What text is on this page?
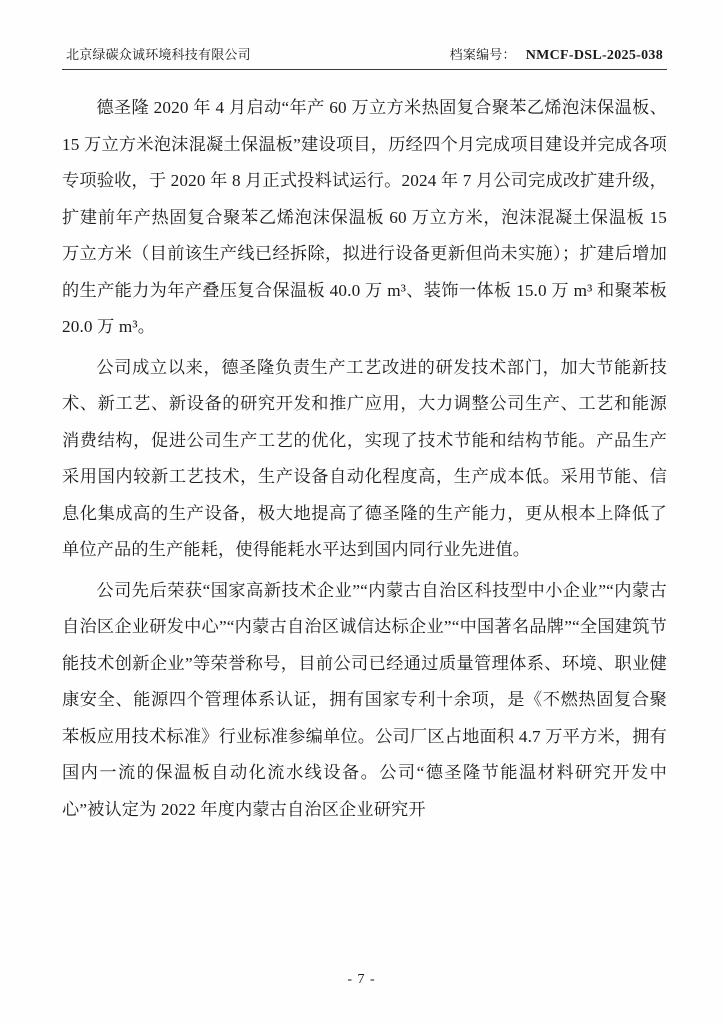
北京绿碳众诚环境科技有限公司	档案编号： NMCF-DSL-2025-038

德圣隆 2020 年 4 月启动“年产 60 万立方米热固复合聚苯乙烯泡沫保温板、15 万立方米泡沫混凝土保温板”建设项目，历经四个月完成项目建设并完成各项专项验收，于 2020 年 8 月正式投料试运行。2024 年 7 月公司完成改扩建升级，扩建前年产热固复合聚苯乙烯泡沫保温板 60 万立方米，泡沫混凝土保温板 15 万立方米（目前该生产线已经拆除，拟进行设备更新但尚未实施）；扩建后增加的生产能力为年产叠压复合保温板 40.0 万 m³、装饰一体板 15.0 万 m³ 和聚苯板 20.0 万 m³。

公司成立以来，德圣隆负责生产工艺改进的研发技术部门，加大节能新技术、新工艺、新设备的研究开发和推广应用，大力调整公司生产、工艺和能源消费结构，促进公司生产工艺的优化，实现了技术节能和结构节能。产品生产采用国内较新工艺技术，生产设备自动化程度高，生产成本低。采用节能、信息化集成高的生产设备，极大地提高了德圣隆的生产能力，更从根本上降低了单位产品的生产能耗，使得能耗水平达到国内同行业先进值。

公司先后荣获“国家高新技术企业”“内蒙古自治区科技型中小企业”“内蒙古自治区企业研发中心”“内蒙古自治区诚信达标企业”“中国著名品牌”“全国建筑节能技术创新企业”等荣誉称号，目前公司已经通过质量管理体系、环境、职业健康安全、能源四个管理体系认证，拥有国家专利十余项，是《不燃热固复合聚苯板应用技术标准》行业标准参编单位。公司厂区占地面积 4.7 万平方米，拥有国内一流的保温板自动化流水线设备。公司“德圣隆节能温材料研究开发中心”被认定为 2022 年度内蒙古自治区企业研究开

- 7 -
